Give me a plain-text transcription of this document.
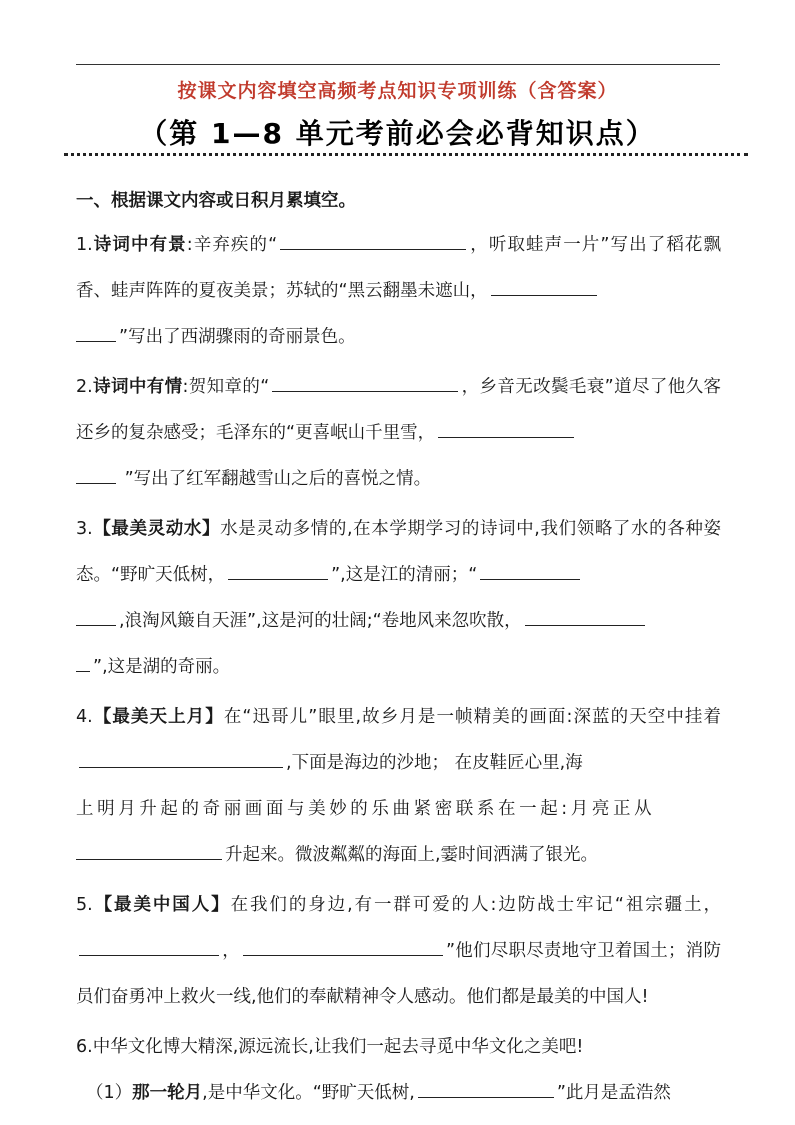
按课文内容填空高频考点知识专项训练（含答案）
（第 1—8 单元考前必会必背知识点）
一、根据课文内容或日积月累填空。

1.诗词中有景:辛弃疾的“	，听取蛙声一片”写出了稻花飘香、蛙声阵阵的夏夜美景；苏轼的“黑云翻墨未遮山，
”写出了西湖骤雨的奇丽景色。

2.诗词中有情:贺知章的“	，乡音无改鬓毛衰”道尽了他久客还乡的复杂感受；毛泽东的“更喜岷山千里雪，
”写出了红军翻越雪山之后的喜悦之情。

3.【最美灵动水】水是灵动多情的,在本学期学习的诗词中,我们领略了水的各种姿态。“野旷天低树，	”,这是江的清丽；“
,浪淘风簸自天涯”,这是河的壮阔;“卷地风来忽吹散，
”,这是湖的奇丽。

4.【最美天上月】在“迅哥儿”眼里,故乡月是一帧精美的画面:深蓝的天空中挂着,下面是海边的沙地； 在皮鞋匠心里,海
上明月升起的奇丽画面与美妙的乐曲紧密联系在一起:月亮正从
升起来。微波粼粼的海面上,霎时间洒满了银光。

5.【最美中国人】在我们的身边,有一群可爱的人:边防战士牢记“祖宗疆土，，	”他们尽职尽责地守卫着国土；消防员们奋勇冲上救火一线,他们的奉献精神令人感动。他们都是最美的中国人!

6.中华文化博大精深,源远流长,让我们一起去寻觅中华文化之美吧!
（1）那一轮月,是中华文化。“野旷天低树,	”此月是孟浩然
